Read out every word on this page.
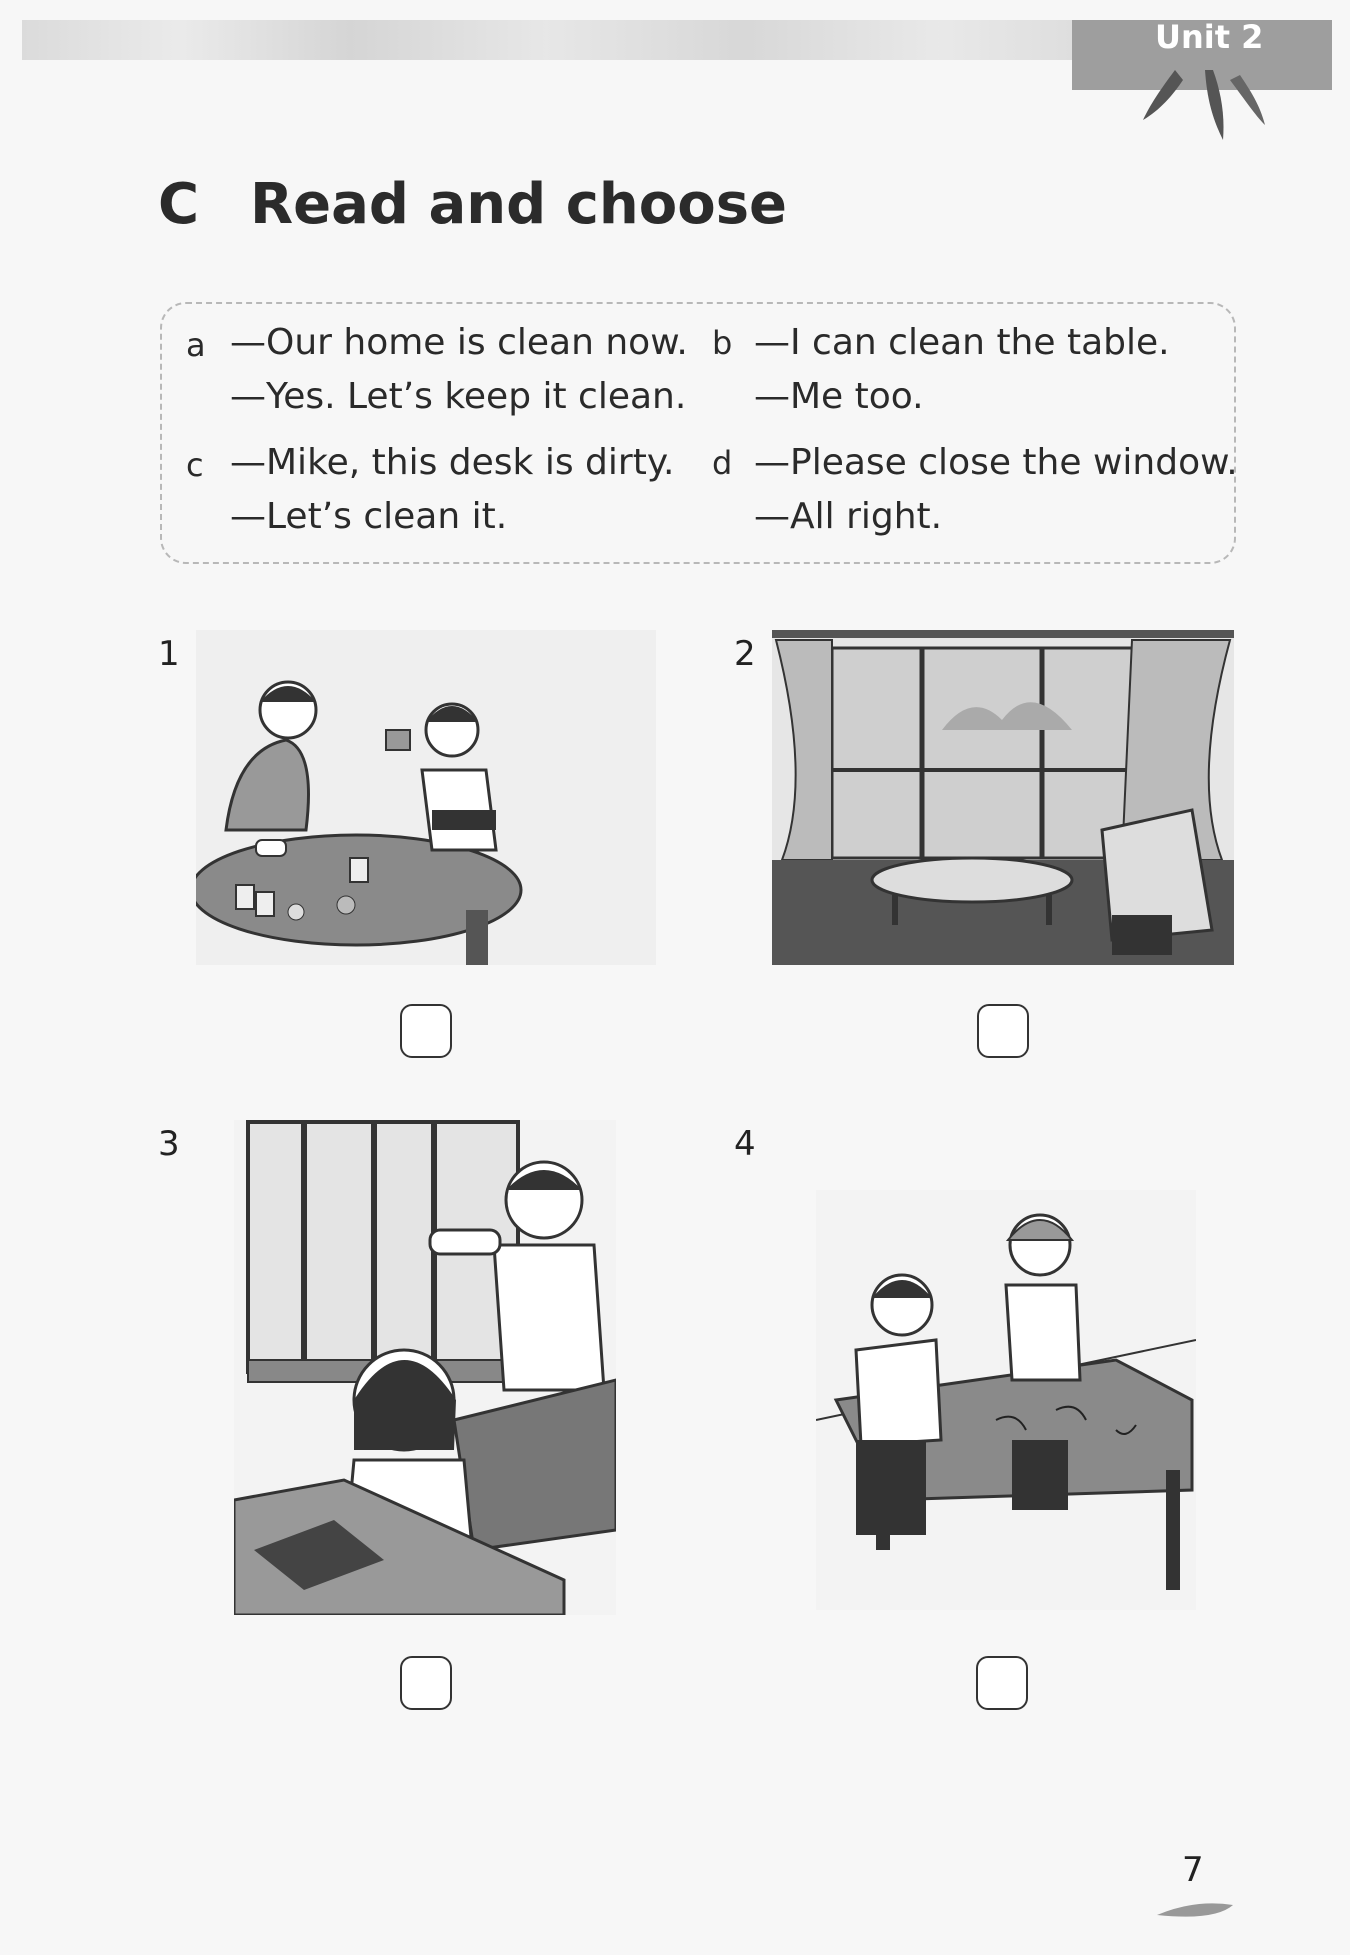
Unit 2
C Read and choose
a —Our home is clean now.
—Yes. Let’s keep it clean.
b —I can clean the table.
—Me too.
c —Mike, this desk is dirty.
—Let’s clean it.
d —Please close the window.
—All right.
1	2
3	4
7
